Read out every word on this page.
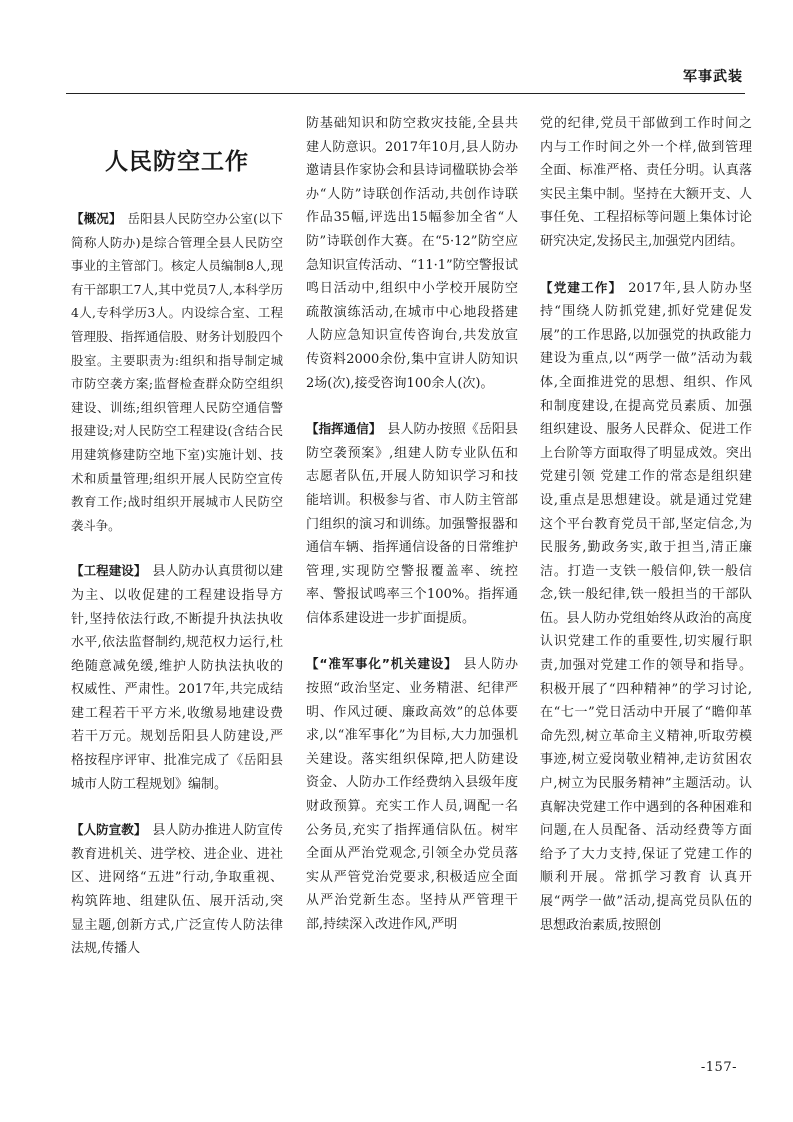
军事武装
人民防空工作

【概况】 岳阳县人民防空办公室(以下简称人防办)是综合管理全县人民防空事业的主管部门。核定人员编制8人,现有干部职工7人,其中党员7人,本科学历4人,专科学历3人。内设综合室、工程管理股、指挥通信股、财务计划股四个股室。主要职责为:组织和指导制定城市防空袭方案;监督检查群众防空组织建设、训练;组织管理人民防空通信警报建设;对人民防空工程建设(含结合民用建筑修建防空地下室)实施计划、技术和质量管理;组织开展人民防空宣传教育工作;战时组织开展城市人民防空袭斗争。

【工程建设】 县人防办认真贯彻以建为主、以收促建的工程建设指导方针,坚持依法行政,不断提升执法执收水平,依法监督制约,规范权力运行,杜绝随意减免缓,维护人防执法执收的权威性、严肃性。2017年,共完成结建工程若干平方米,收缴易地建设费若干万元。规划岳阳县人防建设,严格按程序评审、批准完成了《岳阳县城市人防工程规划》编制。

【人防宣教】 县人防办推进人防宣传教育进机关、进学校、进企业、进社区、进网络“五进”行动,争取重视、构筑阵地、组建队伍、展开活动,突显主题,创新方式,广泛宣传人防法律法规,传播人

防基础知识和防空救灾技能,全县共建人防意识。2017年10月,县人防办邀请县作家协会和县诗词楹联协会举办“人防”诗联创作活动,共创作诗联作品35幅,评选出15幅参加全省“人防”诗联创作大赛。在“5·12”防空应急知识宣传活动、“11·1”防空警报试鸣日活动中,组织中小学校开展防空疏散演练活动,在城市中心地段搭建人防应急知识宣传咨询台,共发放宣传资料2000余份,集中宣讲人防知识2场(次),接受咨询100余人(次)。

【指挥通信】 县人防办按照《岳阳县防空袭预案》,组建人防专业队伍和志愿者队伍,开展人防知识学习和技能培训。积极参与省、市人防主管部门组织的演习和训练。加强警报器和通信车辆、指挥通信设备的日常维护管理,实现防空警报覆盖率、统控率、警报试鸣率三个100%。指挥通信体系建设进一步扩面提质。

【“准军事化”机关建设】 县人防办按照“政治坚定、业务精湛、纪律严明、作风过硬、廉政高效”的总体要求,以“准军事化”为目标,大力加强机关建设。落实组织保障,把人防建设资金、人防办工作经费纳入县级年度财政预算。充实工作人员,调配一名公务员,充实了指挥通信队伍。树牢全面从严治党观念,引领全办党员落实从严管党治党要求,积极适应全面从严治党新生态。坚持从严管理干部,持续深入改进作风,严明

党的纪律,党员干部做到工作时间之内与工作时间之外一个样,做到管理全面、标准严格、责任分明。认真落实民主集中制。坚持在大额开支、人事任免、工程招标等问题上集体讨论研究决定,发扬民主,加强党内团结。

【党建工作】 2017年,县人防办坚持“围绕人防抓党建,抓好党建促发展”的工作思路,以加强党的执政能力建设为重点,以“两学一做”活动为载体,全面推进党的思想、组织、作风和制度建设,在提高党员素质、加强组织建设、服务人民群众、促进工作上台阶等方面取得了明显成效。突出党建引领 党建工作的常态是组织建设,重点是思想建设。就是通过党建这个平台教育党员干部,坚定信念,为民服务,勤政务实,敢于担当,清正廉洁。打造一支铁一般信仰,铁一般信念,铁一般纪律,铁一般担当的干部队伍。县人防办党组始终从政治的高度认识党建工作的重要性,切实履行职责,加强对党建工作的领导和指导。积极开展了“四种精神”的学习讨论,在“七一”党日活动中开展了“瞻仰革命先烈,树立革命主义精神,听取劳模事迹,树立爱岗敬业精神,走访贫困农户,树立为民服务精神”主题活动。认真解决党建工作中遇到的各种困难和问题,在人员配备、活动经费等方面给予了大力支持,保证了党建工作的顺利开展。常抓学习教育 认真开展“两学一做”活动,提高党员队伍的思想政治素质,按照创

-157-
